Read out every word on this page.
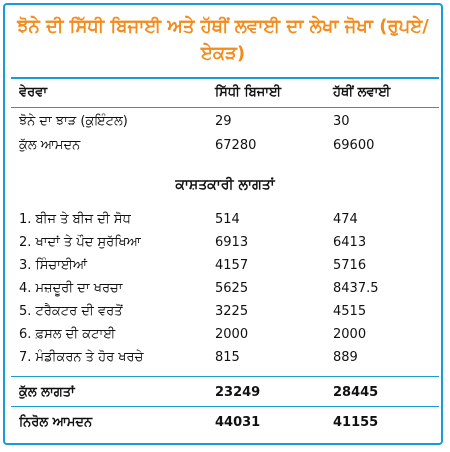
ਝੋਨੇ ਦੀ ਸਿੱਧੀ ਬਿਜਾਈ ਅਤੇ ਹੱਥੀਂ ਲਵਾਈ ਦਾ ਲੇਖਾ ਜੋਖਾ (ਰੁਪਏ/ਏਕੜ)
ਵੇਰਵਾ	ਸਿੱਧੀ ਬਿਜਾਈ	ਹੱਥੀਂ ਲਵਾਈ
ਝੋਨੇ ਦਾ ਝਾੜ (ਕੁਇੰਟਲ)	29	30
ਕੁੱਲ ਆਮਦਨ	67280	69600
ਕਾਸ਼ਤਕਾਰੀ ਲਾਗਤਾਂ
1. ਬੀਜ ਤੇ ਬੀਜ ਦੀ ਸੋਧ	514	474
2. ਖਾਦਾਂ ਤੇ ਪੌਦ ਸੁਰੱਖਿਆ	6913	6413
3. ਸਿੰਚਾਈਆਂ	4157	5716
4. ਮਜ਼ਦੂਰੀ ਦਾ ਖਰਚਾ	5625	8437.5
5. ਟਰੈਕਟਰ ਦੀ ਵਰਤੋਂ	3225	4515
6. ਫ਼ਸਲ ਦੀ ਕਟਾਈ	2000	2000
7. ਮੰਡੀਕਰਨ ਤੇ ਹੋਰ ਖਰਚੇ	815	889
ਕੁੱਲ ਲਾਗਤਾਂ	23249	28445
ਨਿਰੋਲ ਆਮਦਨ	44031	41155
